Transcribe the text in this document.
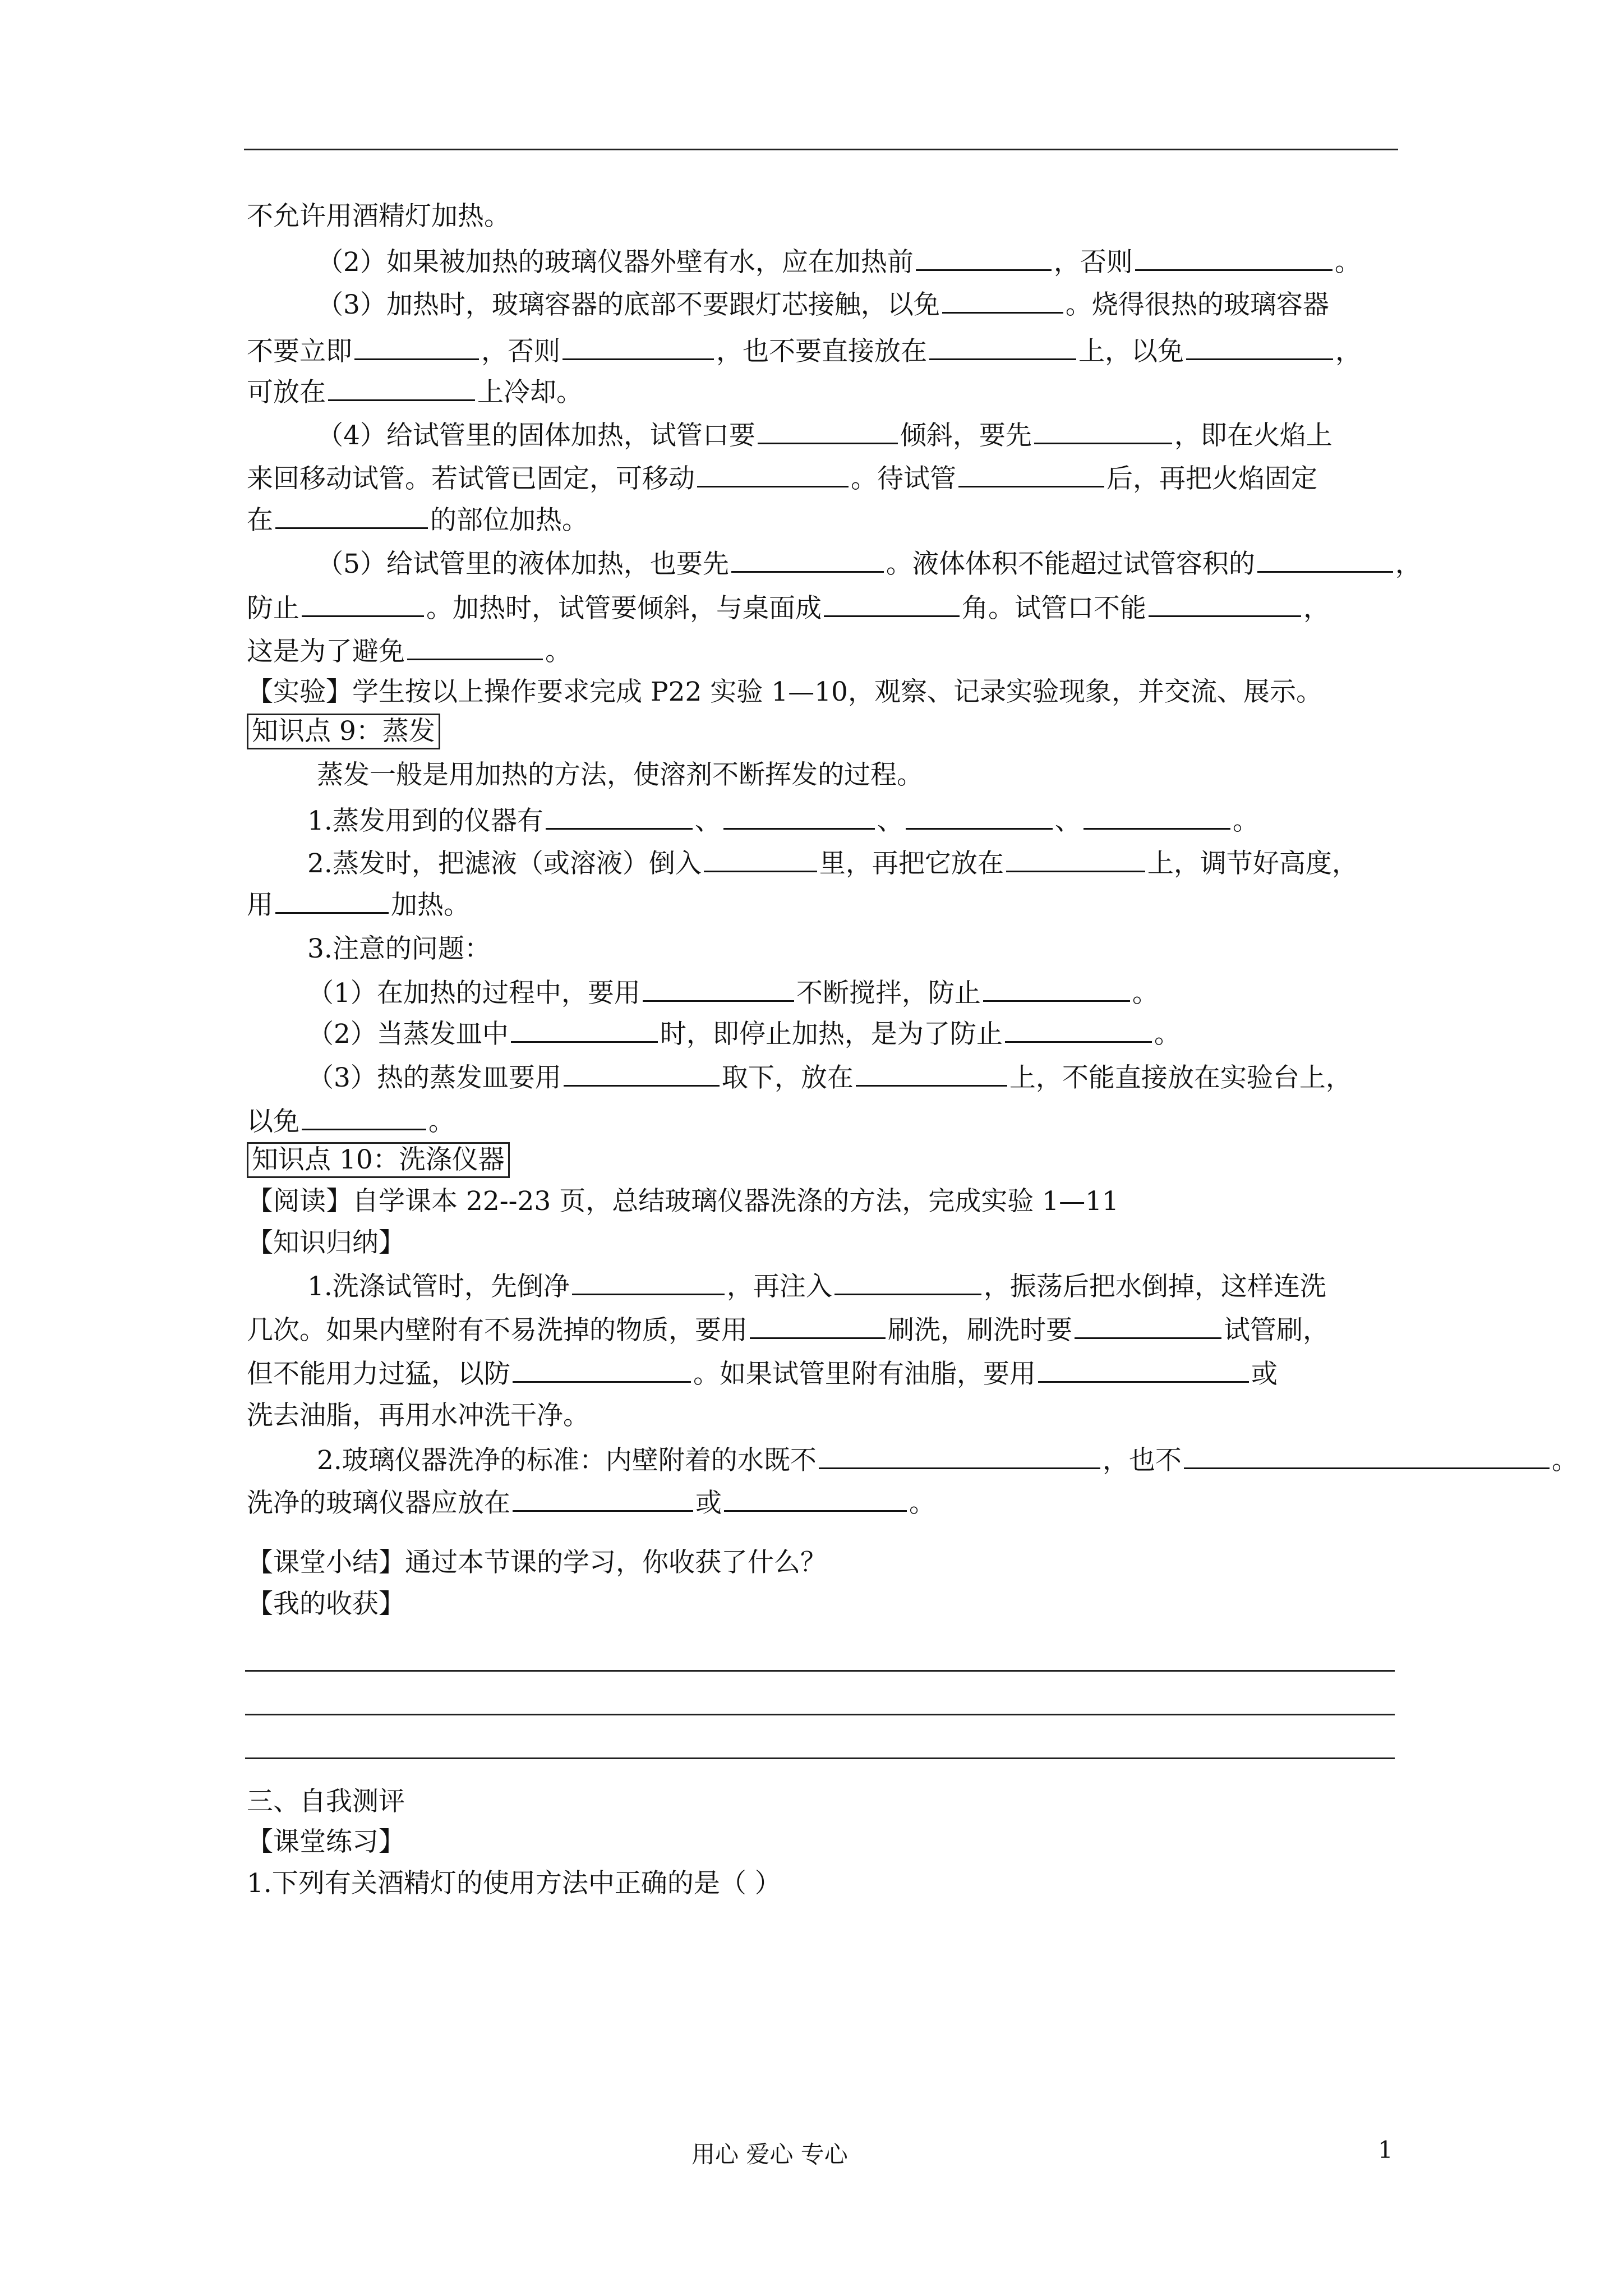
不允许用酒精灯加热。
（2）如果被加热的玻璃仪器外壁有水，应在加热前	，否则	。
（3）加热时，玻璃容器的底部不要跟灯芯接触，以免	。烧得很热的玻璃容器
不要立即	，否则	，也不要直接放在	上，以免	，
可放在	上冷却。
（4）给试管里的固体加热，试管口要	倾斜，要先	，即在火焰上
来回移动试管。若试管已固定，可移动	。待试管	后，再把火焰固定
在	的部位加热。
（5）给试管里的液体加热，也要先	。液体体积不能超过试管容积的	，
防止	。加热时，试管要倾斜，与桌面成	角。试管口不能	，
这是为了避免	。
【实验】学生按以上操作要求完成 P22 实验 1—10，观察、记录实验现象，并交流、展示。
知识点 9：蒸发
蒸发一般是用加热的方法，使溶剂不断挥发的过程。
1.蒸发用到的仪器有	、	、	、	。
2.蒸发时，把滤液（或溶液）倒入	里，再把它放在	上，调节好高度，
用	加热。
3.注意的问题：
（1）在加热的过程中，要用	不断搅拌，防止	。
（2）当蒸发皿中	时，即停止加热，是为了防止	。
（3）热的蒸发皿要用	取下，放在	上，不能直接放在实验台上，
以免	。
知识点 10：洗涤仪器
【阅读】自学课本 22--23 页，总结玻璃仪器洗涤的方法，完成实验 1—11
【知识归纳】
1.洗涤试管时，先倒净	，再注入	，振荡后把水倒掉，这样连洗
几次。如果内壁附有不易洗掉的物质，要用	刷洗，刷洗时要	试管刷，
但不能用力过猛，以防	。如果试管里附有油脂，要用	或
洗去油脂，再用水冲洗干净。
2.玻璃仪器洗净的标准：内壁附着的水既不	，也不	。
洗净的玻璃仪器应放在	或	。
【课堂小结】通过本节课的学习，你收获了什么？
【我的收获】
三、自我测评
【课堂练习】
1.下列有关酒精灯的使用方法中正确的是（ ）
用心 爱心 专心	1
